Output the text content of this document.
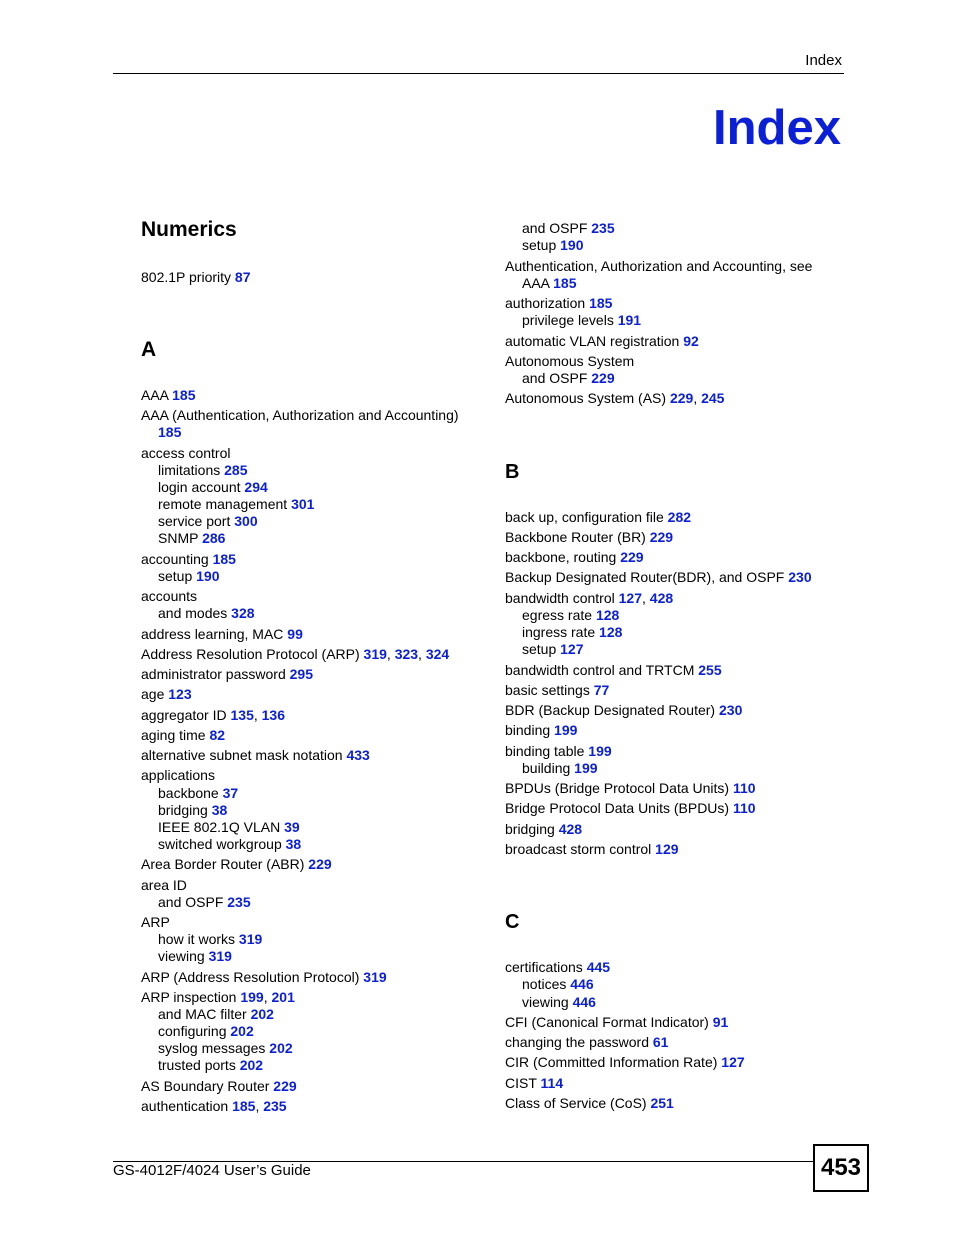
Index
Index
Numerics
802.1P priority 87
A
AAA 185
AAA (Authentication, Authorization and Accounting)
185
access control
limitations 285
login account 294
remote management 301
service port 300
SNMP 286
accounting 185
setup 190
accounts
and modes 328
address learning, MAC 99
Address Resolution Protocol (ARP) 319, 323, 324
administrator password 295
age 123
aggregator ID 135, 136
aging time 82
alternative subnet mask notation 433
applications
backbone 37
bridging 38
IEEE 802.1Q VLAN 39
switched workgroup 38
Area Border Router (ABR) 229
area ID
and OSPF 235
ARP
how it works 319
viewing 319
ARP (Address Resolution Protocol) 319
ARP inspection 199, 201
and MAC filter 202
configuring 202
syslog messages 202
trusted ports 202
AS Boundary Router 229
authentication 185, 235
and OSPF 235
setup 190
Authentication, Authorization and Accounting, see
AAA 185
authorization 185
privilege levels 191
automatic VLAN registration 92
Autonomous System
and OSPF 229
Autonomous System (AS) 229, 245
B
back up, configuration file 282
Backbone Router (BR) 229
backbone, routing 229
Backup Designated Router(BDR), and OSPF 230
bandwidth control 127, 428
egress rate 128
ingress rate 128
setup 127
bandwidth control and TRTCM 255
basic settings 77
BDR (Backup Designated Router) 230
binding 199
binding table 199
building 199
BPDUs (Bridge Protocol Data Units) 110
Bridge Protocol Data Units (BPDUs) 110
bridging 428
broadcast storm control 129
C
certifications 445
notices 446
viewing 446
CFI (Canonical Format Indicator) 91
changing the password 61
CIR (Committed Information Rate) 127
CIST 114
Class of Service (CoS) 251
GS-4012F/4024 User’s Guide	453
